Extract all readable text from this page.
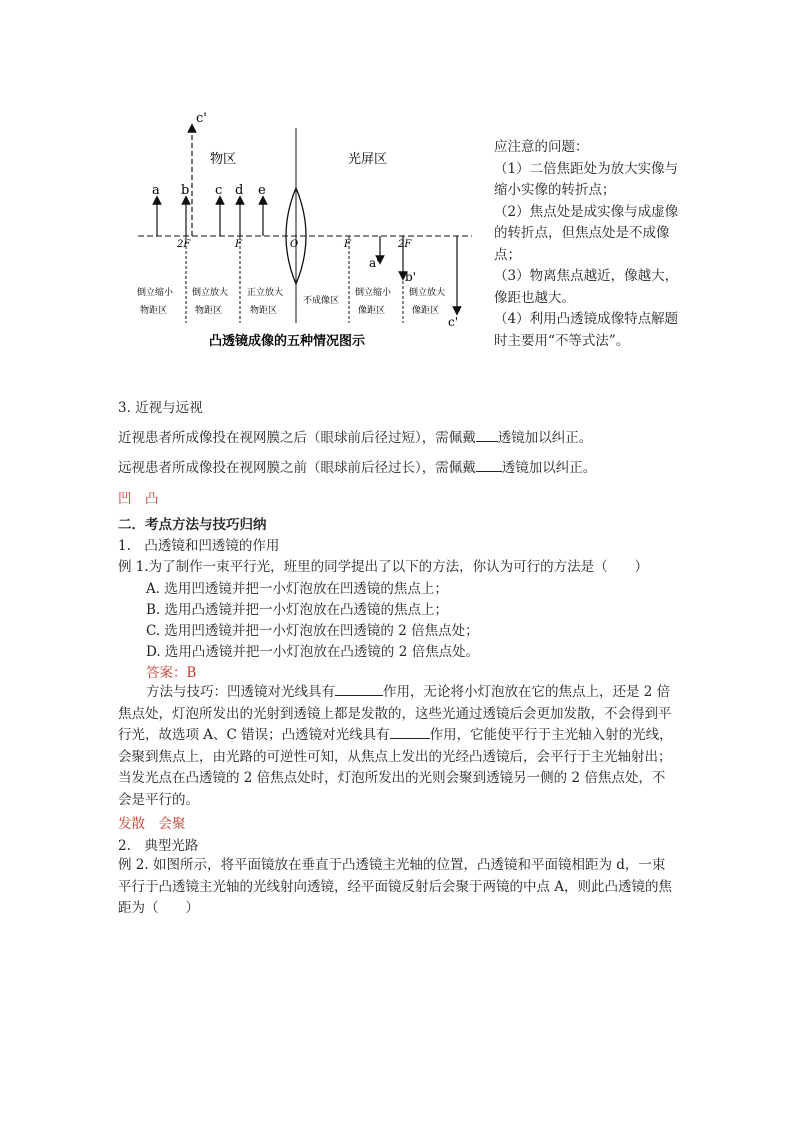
物区	光屏区
a b c d e
c'
2F	F	O	F	2F
a'
b'
c'
倒立缩小
物距区
倒立放大
物距区
正立放大
物距区
不成像区
倒立缩小
像距区
倒立放大
像距区
凸透镜成像的五种情况图示
应注意的问题：
（1）二倍焦距处为放大实像与缩小实像的转折点；
（2）焦点处是成实像与成虚像的转折点，但焦点处是不成像点；
（3）物离焦点越近，像越大，像距也越大。
（4）利用凸透镜成像特点解题时主要用“不等式法”。
3. 近视与远视
近视患者所成像投在视网膜之后（眼球前后径过短），需佩戴 透镜加以纠正。
远视患者所成像投在视网膜之前（眼球前后径过长），需佩戴 透镜加以纠正。
凹　 凸
二．考点方法与技巧归纳
1.　凸透镜和凹透镜的作用
例 1.为了制作一束平行光，班里的同学提出了以下的方法，你认为可行的方法是（　　）
A. 选用凹透镜并把一小灯泡放在凹透镜的焦点上；
B. 选用凸透镜并把一小灯泡放在凸透镜的焦点上；
C. 选用凹透镜并把一小灯泡放在凹透镜的 2 倍焦点处；
D. 选用凸透镜并把一小灯泡放在凸透镜的 2 倍焦点处。
答案：B
方法与技巧：凹透镜对光线具有	作用，无论将小灯泡放在它的焦点上，还是 2 倍焦点处，灯泡所发出的光射到透镜上都是发散的，这些光通过透镜后会更加发散，不会得到平行光，故选项 A、C 错误；凸透镜对光线具有	作用，它能使平行于主光轴入射的光线，会聚到焦点上，由光路的可逆性可知，从焦点上发出的光经凸透镜后，会平行于主光轴射出；当发光点在凸透镜的 2 倍焦点处时，灯泡所发出的光则会聚到透镜另一侧的 2 倍焦点处，不会是平行的。
发散　会聚
2.　典型光路
例 2. 如图所示，将平面镜放在垂直于凸透镜主光轴的位置，凸透镜和平面镜相距为 d，一束平行于凸透镜主光轴的光线射向透镜，经平面镜反射后会聚于两镜的中点 A，则此凸透镜的焦距为（　　）
